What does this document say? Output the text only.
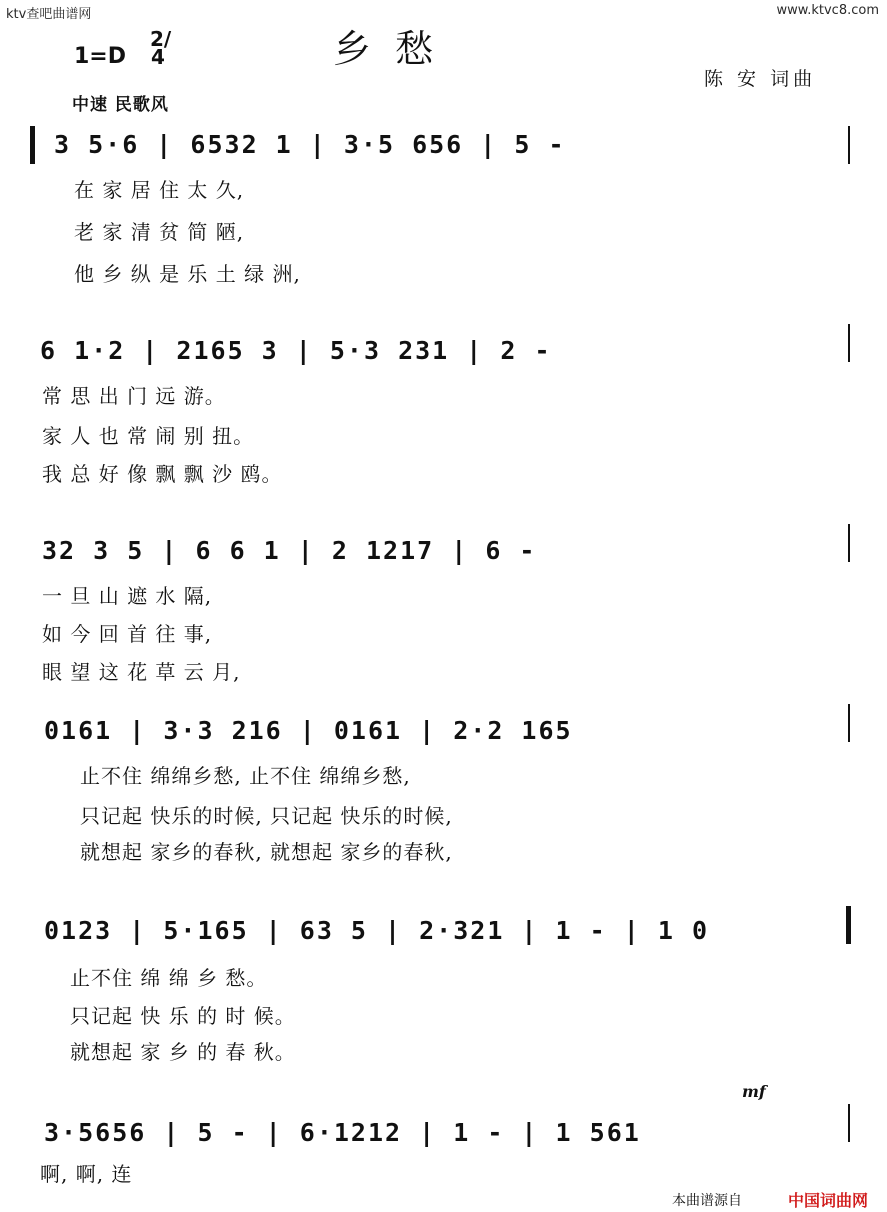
ktv查吧曲谱网	www.ktvc8.com
乡 愁
1=D
2/4
中速 民歌风
陈 安 词曲
3 5·6 | 6532 1 | 3·5 656 | 5 -
在 家 居 住 太 久,
老 家 清 贫 简 陋,
他 乡 纵 是 乐 土 绿 洲,
6 1·2 | 2165 3 | 5·3 231 | 2 -
常 思 出 门 远 游。
家 人 也 常 闹 别 扭。
我 总 好 像 飘 飘 沙 鸥。
32 3 5 | 6 6 1 | 2 1217 | 6 -
一 旦 山 遮 水 隔,
如 今 回 首 往 事,
眼 望 这 花 草 云 月,
0161 | 3·3 216 | 0161 | 2·2 165
止不住 绵绵乡愁, 止不住 绵绵乡愁,
只记起 快乐的时候, 只记起 快乐的时候,
就想起 家乡的春秋, 就想起 家乡的春秋,
0123 | 5·165 | 63 5 | 2·321 | 1 - | 1 0
止不住 绵 绵 乡 愁。
只记起 快 乐 的 时 候。
就想起 家 乡 的 春 秋。
mf
3·5656 | 5 - | 6·1212 | 1 - | 1 561
啊, 啊, 连
本曲谱源自	中国词曲网
